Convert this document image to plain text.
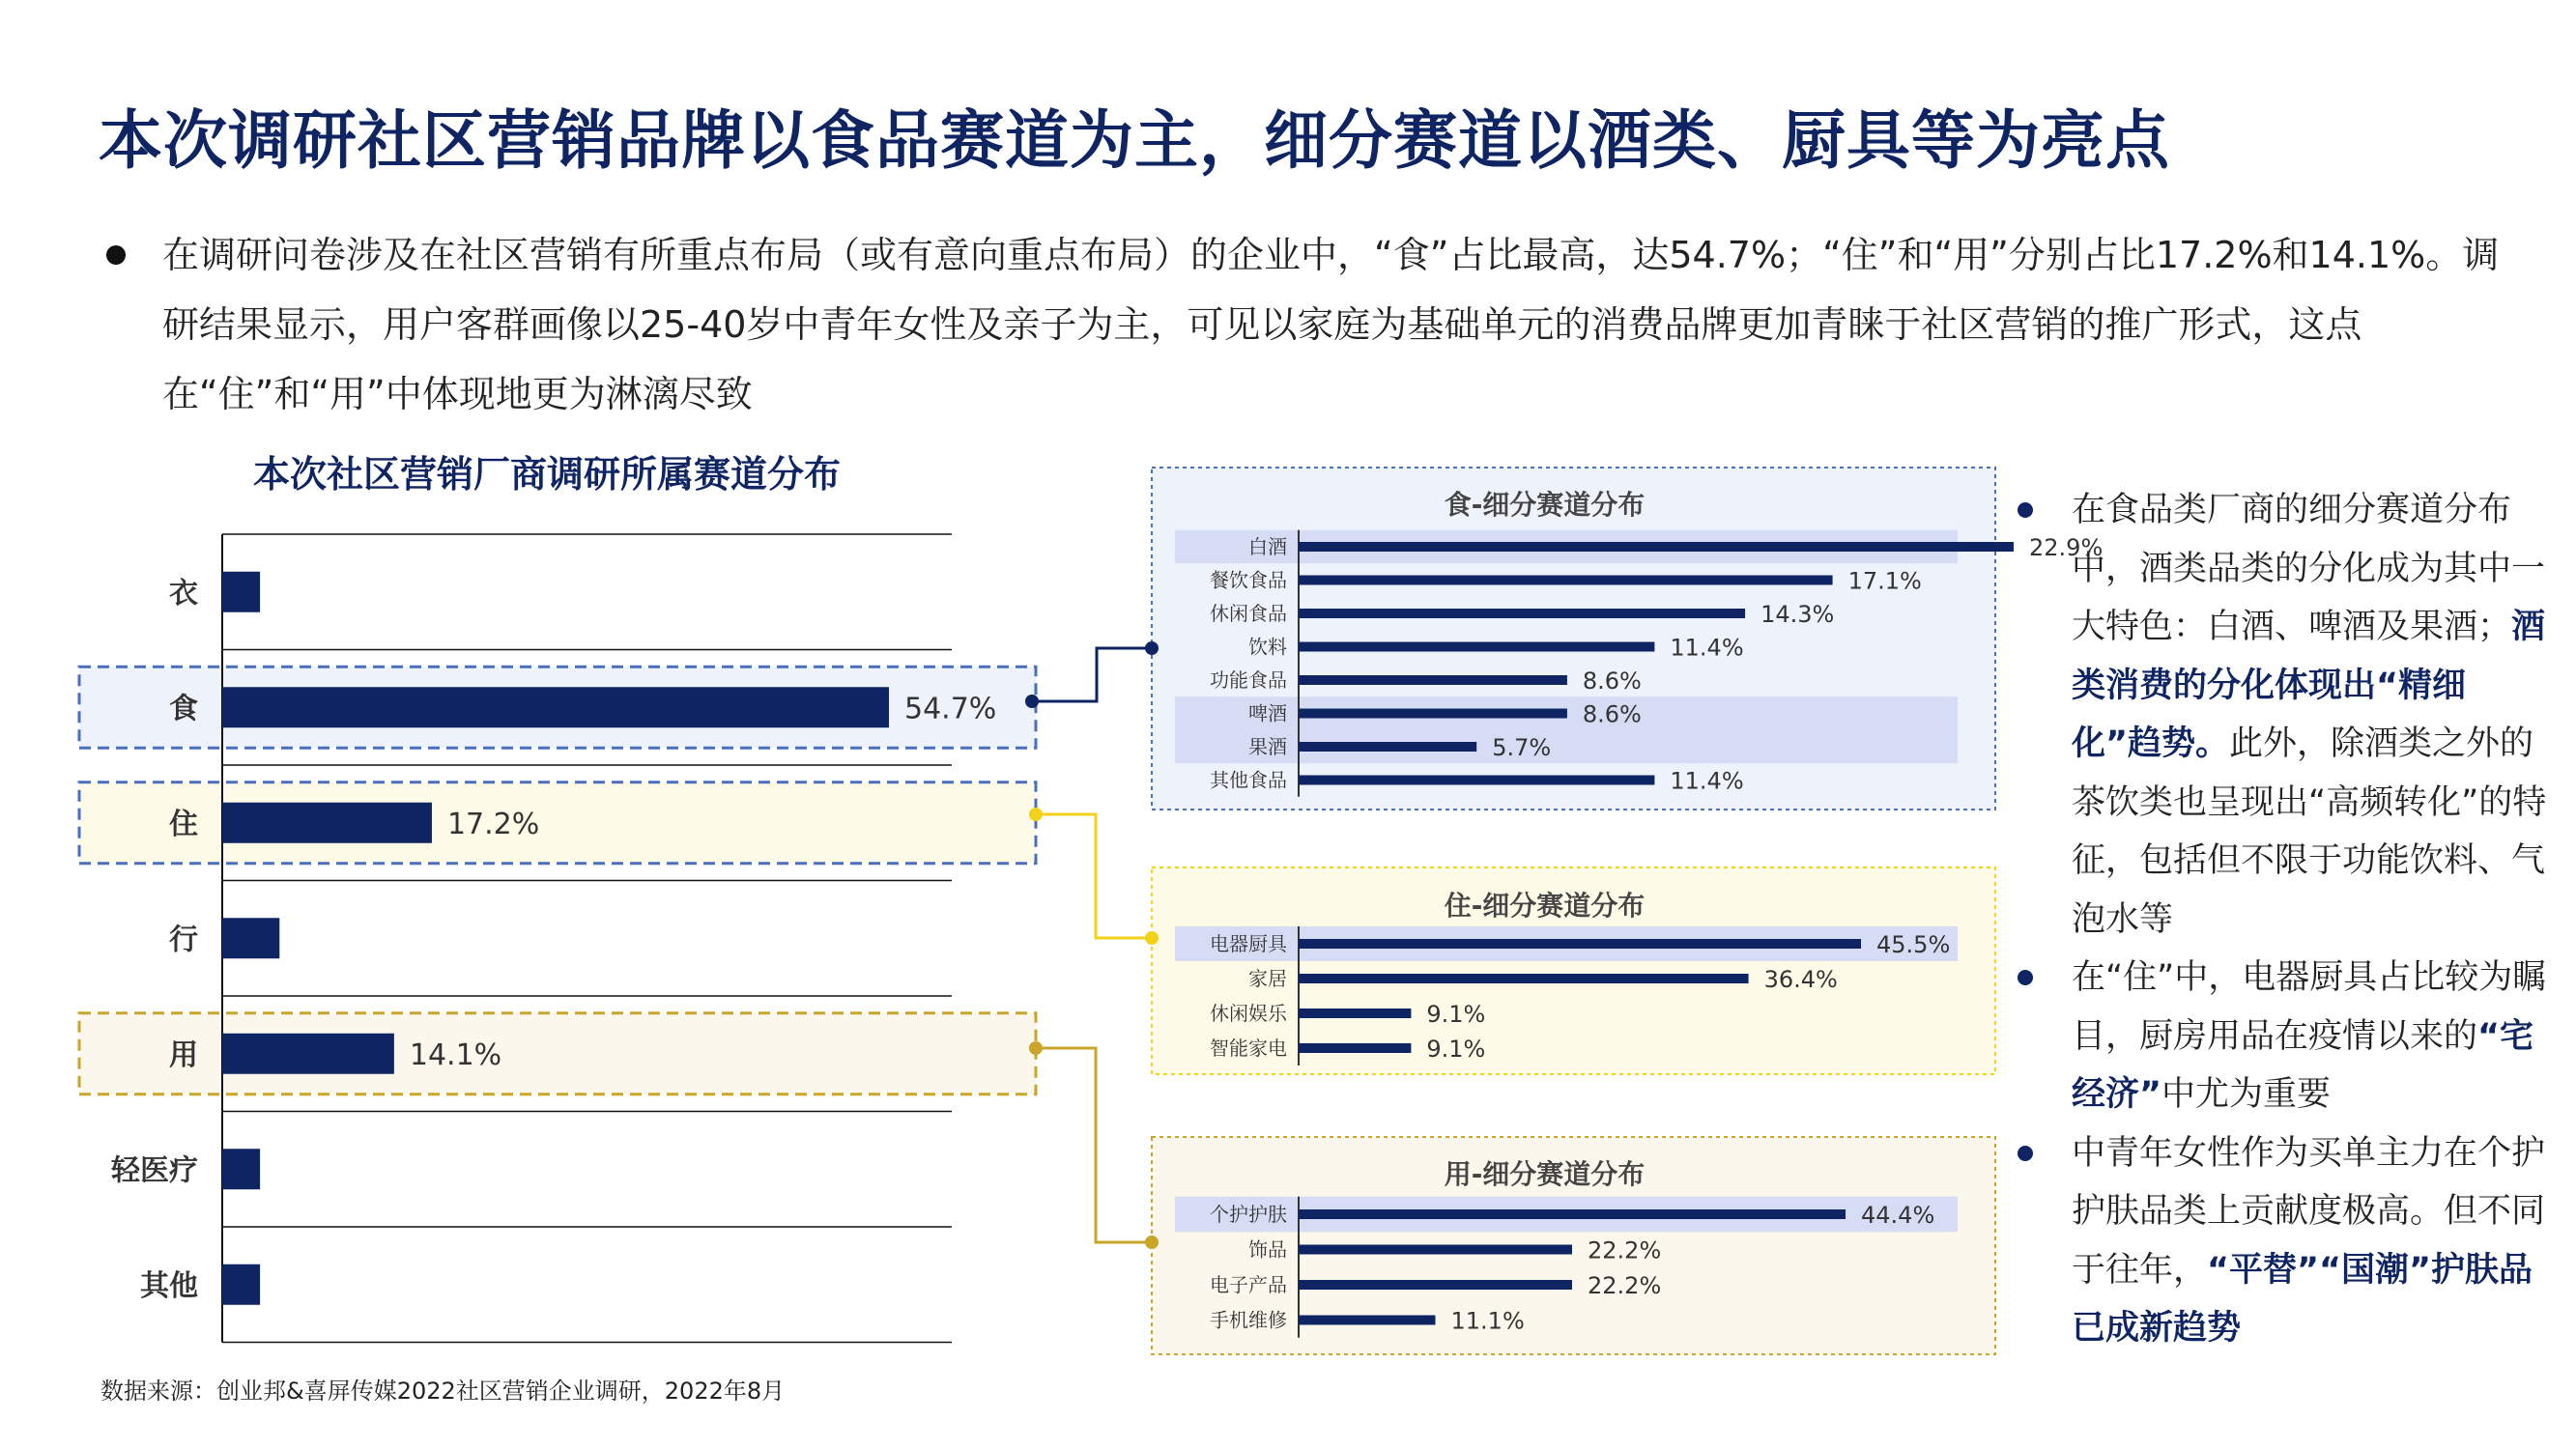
本次调研社区营销品牌以食品赛道为主，细分赛道以酒类、厨具等为亮点
在调研问卷涉及在社区营销有所重点布局（或有意向重点布局）的企业中，“食”占比最高，达54.7%；“住”和“用”分别占比17.2%和14.1%。调研结果显示，用户客群画像以25-40岁中青年女性及亲子为主，可见以家庭为基础单元的消费品牌更加青睐于社区营销的推广形式，这点在“住”和“用”中体现地更为淋漓尽致
本次社区营销厂商调研所属赛道分布
衣
食	54.7%
住	17.2%
行
用	14.1%
轻医疗
其他
食-细分赛道分布
白酒	22.9%
餐饮食品	17.1%
休闲食品	14.3%
饮料	11.4%
功能食品	8.6%
啤酒	8.6%
果酒	5.7%
其他食品	11.4%
住-细分赛道分布
电器厨具	45.5%
家居	36.4%
休闲娱乐	9.1%
智能家电	9.1%
用-细分赛道分布
个护护肤	44.4%
饰品	22.2%
电子产品	22.2%
手机维修	11.1%
在食品类厂商的细分赛道分布中，酒类品类的分化成为其中一大特色：白酒、啤酒及果酒；酒类消费的分化体现出“精细化”趋势。此外，除酒类之外的茶饮类也呈现出“高频转化”的特征，包括但不限于功能饮料、气泡水等
在“住”中，电器厨具占比较为瞩目，厨房用品在疫情以来的“宅经济”中尤为重要
中青年女性作为买单主力在个护护肤品类上贡献度极高。但不同于往年，“平替”“国潮”护肤品已成新趋势
数据来源：创业邦&喜屏传媒2022社区营销企业调研，2022年8月
